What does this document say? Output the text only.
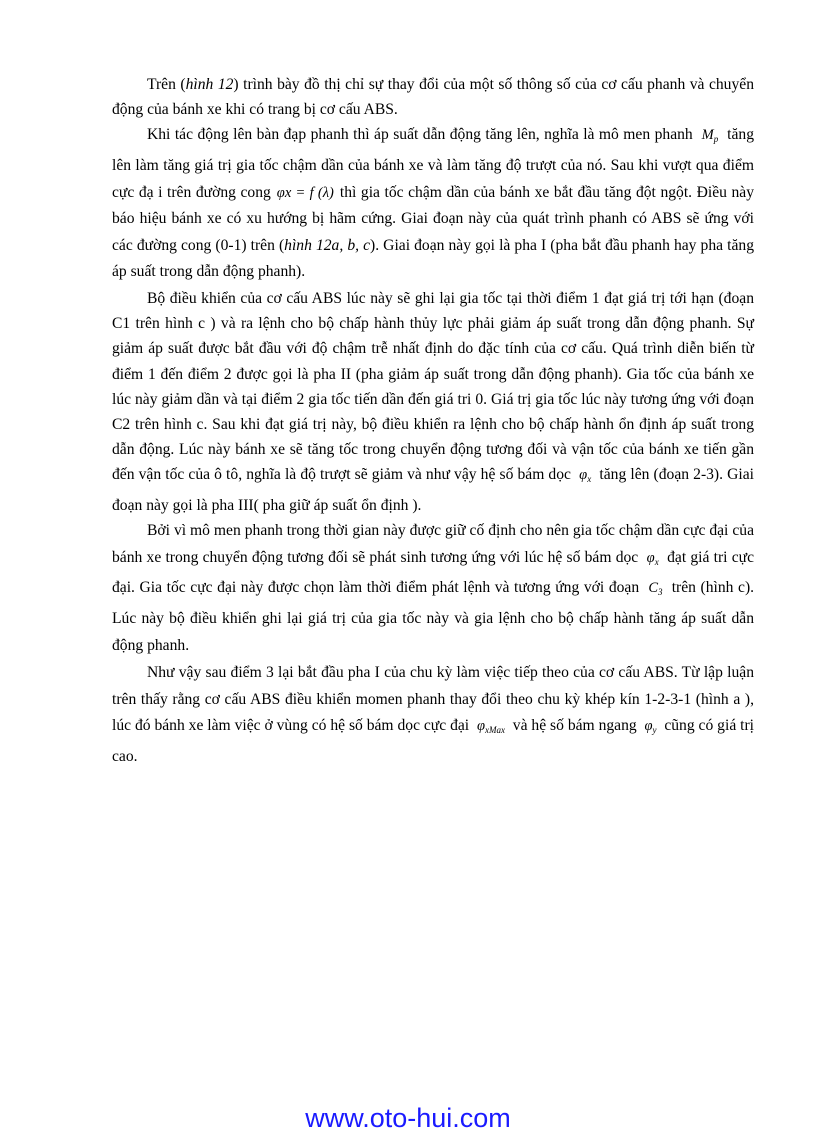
Trên (hình 12) trình bày đồ thị chỉ sự thay đổi của một số thông số của cơ cấu phanh và chuyển động của bánh xe khi có trang bị cơ cấu ABS.

Khi tác động lên bàn đạp phanh thì áp suất dẫn động tăng lên, nghĩa là mô men phanh $M_p$ tăng lên làm tăng giá trị gia tốc chậm dần của bánh xe và làm tăng độ trượt của nó. Sau khi vượt qua điểm cực đạ i trên đường cong φx = f (λ) thì gia tốc chậm dần của bánh xe bắt đầu tăng đột ngột. Điều này báo hiệu bánh xe có xu hướng bị hãm cứng. Giai đoạn này của quát trình phanh có ABS sẽ ứng với các đường cong (0-1) trên (hình 12a, b, c). Giai đoạn này gọi là pha I (pha bắt đầu phanh hay pha tăng áp suất trong dẫn động phanh).

Bộ điều khiển của cơ cấu ABS lúc này sẽ ghi lại gia tốc tại thời điểm 1 đạt giá trị tới hạn (đoạn C1 trên hình c ) và ra lệnh cho bộ chấp hành thủy lực phải giảm áp suất trong dẫn động phanh. Sự giảm áp suất được bắt đầu với độ chậm trễ nhất định do đặc tính của cơ cấu. Quá trình diễn biến từ điểm 1 đến điểm 2 được gọi là pha II (pha giảm áp suất trong dẫn động phanh). Gia tốc của bánh xe lúc này giảm dần và tại điểm 2 gia tốc tiến dần đến giá tri 0. Giá trị gia tốc lúc này tương ứng với đoạn C2 trên hình c. Sau khi đạt giá trị này, bộ điều khiển ra lệnh cho bộ chấp hành ổn định áp suất trong dẫn động. Lúc này bánh xe sẽ tăng tốc trong chuyển động tương đối và vận tốc của bánh xe tiến gần đến vận tốc của ô tô, nghĩa là độ trượt sẽ giảm và như vậy hệ số bám dọc $\varphi_x$ tăng lên (đoạn 2-3). Giai đoạn này gọi là pha III( pha giữ áp suất ổn định ).

Bởi vì mô men phanh trong thời gian này được giữ cố định cho nên gia tốc chậm dần cực đại của bánh xe trong chuyển động tương đối sẽ phát sinh tương ứng với lúc hệ số bám dọc $\varphi_x$ đạt giá tri cực đại. Gia tốc cực đại này được chọn làm thời điểm phát lệnh và tương ứng với đoạn $C_3$ trên (hình c). Lúc này bộ điều khiển ghi lại giá trị của gia tốc này và gia lệnh cho bộ chấp hành tăng áp suất dẫn động phanh.

Như vậy sau điểm 3 lại bắt đầu pha I của chu kỳ làm việc tiếp theo của cơ cấu ABS. Từ lập luận trên thấy rằng cơ cấu ABS điều khiển momen phanh thay đổi theo chu kỳ khép kín 1-2-3-1 (hình a ), lúc đó bánh xe làm việc ở vùng có hệ số bám dọc cực đại $\varphi_{xMax}$ và hệ số bám ngang $\varphi_y$ cũng có giá trị cao.

www.oto-hui.com
